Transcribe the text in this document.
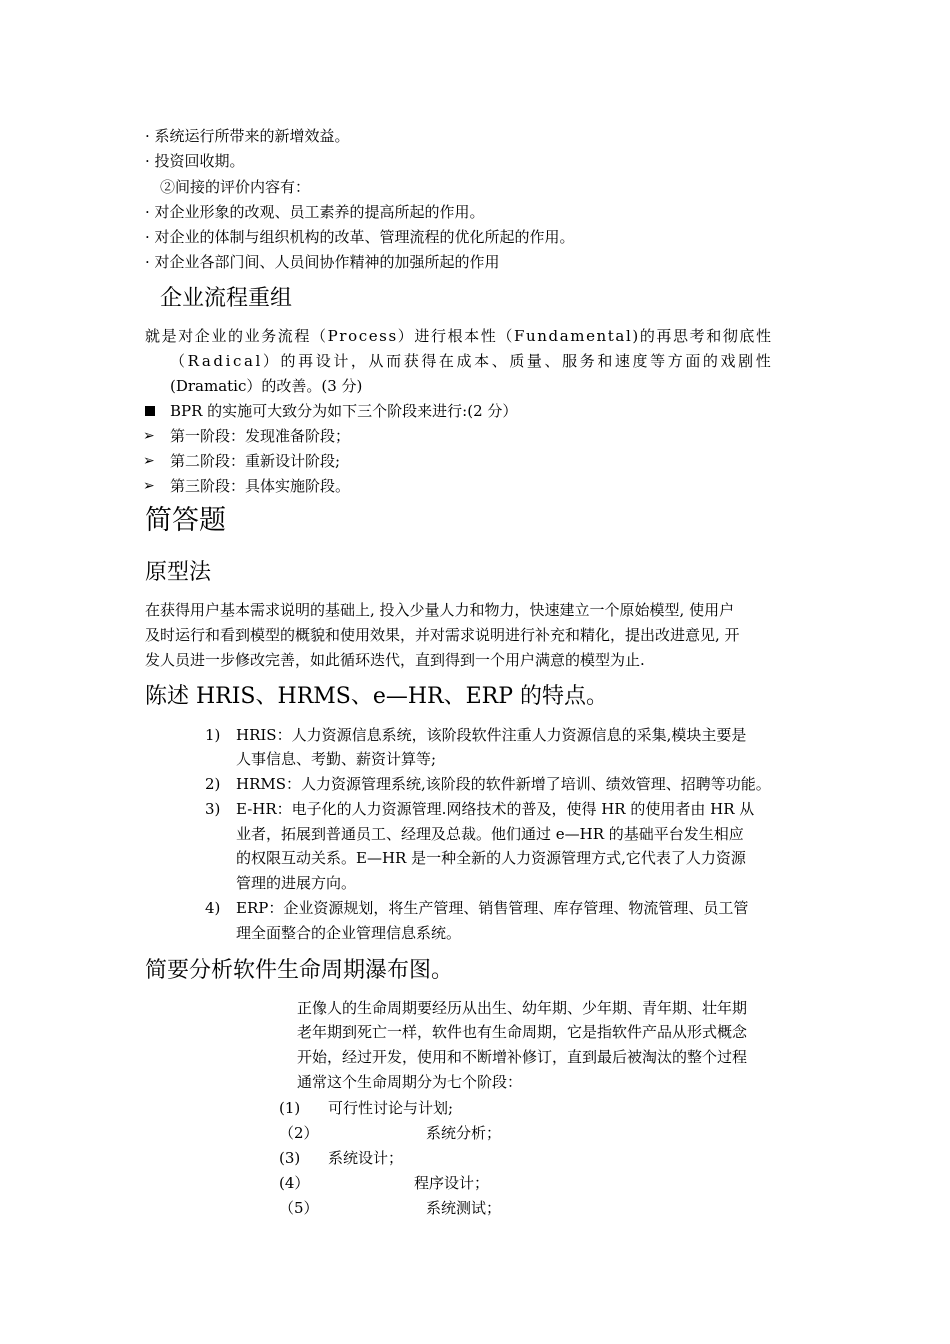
· 系统运行所带来的新增效益。
· 投资回收期。
②间接的评价内容有：
· 对企业形象的改观、员工素养的提高所起的作用。
· 对企业的体制与组织机构的改革、管理流程的优化所起的作用。
· 对企业各部门间、人员间协作精神的加强所起的作用
企业流程重组
就是对企业的业务流程（Process）进行根本性（Fundamental)的再思考和彻底性
（Radical）的再设计，从而获得在成本、质量、服务和速度等方面的戏剧性
(Dramatic）的改善。(3 分)
BPR 的实施可大致分为如下三个阶段来进行:(2 分）
➢ 第一阶段：发现准备阶段；
➢ 第二阶段：重新设计阶段;
➢ 第三阶段：具体实施阶段。
简答题
原型法
在获得用户基本需求说明的基础上, 投入少量人力和物力，快速建立一个原始模型, 使用户
及时运行和看到模型的概貌和使用效果，并对需求说明进行补充和精化，提出改进意见, 开
发人员进一步修改完善，如此循环迭代，直到得到一个用户满意的模型为止.
陈述 HRIS、HRMS、e—HR、ERP 的特点。
1) HRIS：人力资源信息系统，该阶段软件注重人力资源信息的采集,模块主要是
人事信息、考勤、薪资计算等;
2) HRMS：人力资源管理系统,该阶段的软件新增了培训、绩效管理、招聘等功能。
3) E-HR：电子化的人力资源管理.网络技术的普及，使得 HR 的使用者由 HR 从
业者，拓展到普通员工、经理及总裁。他们通过 e—HR 的基础平台发生相应
的权限互动关系。E—HR 是一种全新的人力资源管理方式,它代表了人力资源
管理的进展方向。
4) ERP：企业资源规划，将生产管理、销售管理、库存管理、物流管理、员工管
理全面整合的企业管理信息系统。
简要分析软件生命周期瀑布图。
正像人的生命周期要经历从出生、幼年期、少年期、青年期、壮年期
老年期到死亡一样，软件也有生命周期，它是指软件产品从形式概念
开始，经过开发，使用和不断增补修订，直到最后被淘汰的整个过程
通常这个生命周期分为七个阶段：
(1) 可行性讨论与计划;
（2）	系统分析；
(3) 系统设计；
(4）	程序设计；
（5）	系统测试；
